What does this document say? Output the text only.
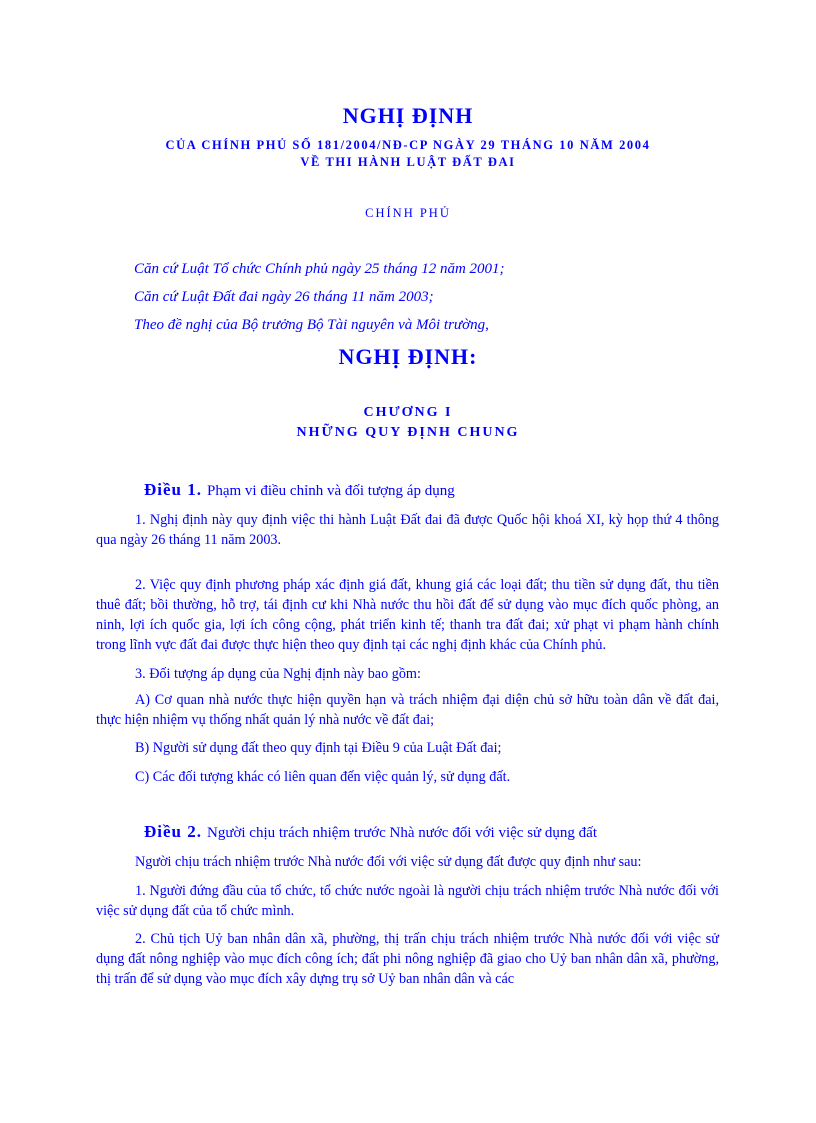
NGHỊ ĐỊNH
CỦA CHÍNH PHỦ SỐ 181/2004/NĐ-CP NGÀY 29 THÁNG 10 NĂM 2004
VỀ THI HÀNH LUẬT ĐẤT ĐAI
CHÍNH PHỦ
Căn cứ Luật Tổ chức Chính phủ ngày 25 tháng 12 năm 2001;
Căn cứ Luật Đất đai ngày 26 tháng 11 năm 2003;
Theo đề nghị của Bộ trưởng Bộ Tài nguyên và Môi trường,
NGHỊ ĐỊNH:
CHƯƠNG I
NHỮNG QUY ĐỊNH CHUNG
Điều 1. Phạm vi điều chỉnh và đối tượng áp dụng

1. Nghị định này quy định việc thi hành Luật Đất đai đã được Quốc hội khoá XI, kỳ họp thứ 4 thông qua ngày 26 tháng 11 năm 2003.

2. Việc quy định phương pháp xác định giá đất, khung giá các loại đất; thu tiền sử dụng đất, thu tiền thuê đất; bồi thường, hỗ trợ, tái định cư khi Nhà nước thu hồi đất để sử dụng vào mục đích quốc phòng, an ninh, lợi ích quốc gia, lợi ích công cộng, phát triển kinh tế; thanh tra đất đai; xử phạt vi phạm hành chính trong lĩnh vực đất đai được thực hiện theo quy định tại các nghị định khác của Chính phủ.

3. Đối tượng áp dụng của Nghị định này bao gồm:

A) Cơ quan nhà nước thực hiện quyền hạn và trách nhiệm đại diện chủ sở hữu toàn dân về đất đai, thực hiện nhiệm vụ thống nhất quản lý nhà nước về đất đai;

B) Người sử dụng đất theo quy định tại Điều 9 của Luật Đất đai;

C) Các đối tượng khác có liên quan đến việc quản lý, sử dụng đất.

Điều 2. Người chịu trách nhiệm trước Nhà nước đối với việc sử dụng đất

Người chịu trách nhiệm trước Nhà nước đối với việc sử dụng đất được quy định như sau:

1. Người đứng đầu của tổ chức, tổ chức nước ngoài là người chịu trách nhiệm trước Nhà nước đối với việc sử dụng đất của tổ chức mình.

2. Chủ tịch Uỷ ban nhân dân xã, phường, thị trấn chịu trách nhiệm trước Nhà nước đối với việc sử dụng đất nông nghiệp vào mục đích công ích; đất phi nông nghiệp đã giao cho Uỷ ban nhân dân xã, phường, thị trấn để sử dụng vào mục đích xây dựng trụ sở Uỷ ban nhân dân và các
